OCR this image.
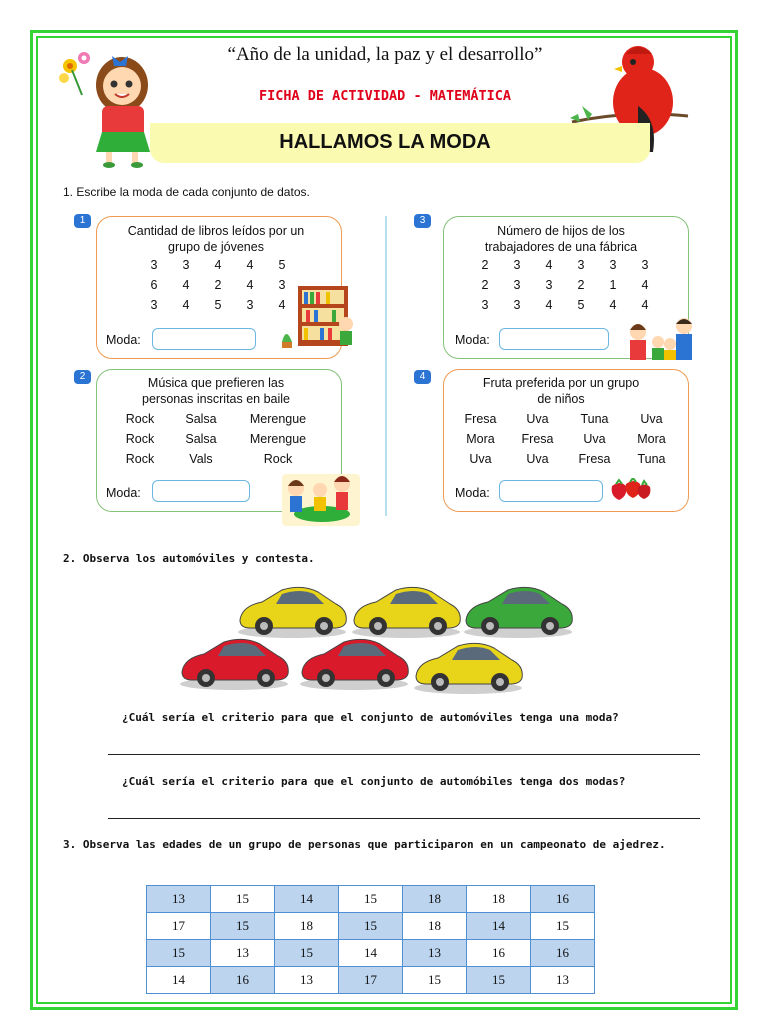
“Año de la unidad, la paz y el desarrollo”
FICHA DE ACTIVIDAD - MATEMÁTICA
HALLAMOS LA MODA
1. Escribe la moda de cada conjunto de datos.
1
Cantidad de libros leídos por un
grupo de jóvenes
3	3	4	4	5
6	4	2	4	3
3	4	5	3	4
Moda:
3
Número de hijos de los
trabajadores de una fábrica
2	3	4	3	3	3
2	3	3	2	1	4
3	3	4	5	4	4
Moda:
2	Música que prefieren las
personas inscritas en baile
Rock	Salsa	Merengue
Rock	Salsa	Merengue
Rock	Vals	Rock
Moda:
4	Fruta preferida por un grupo
de niños
Fresa	Uva	Tuna	Uva
Mora	Fresa	Uva	Mora
Uva	Uva	Fresa	Tuna
Moda:
2. Observa los automóviles y contesta.
¿Cuál sería el criterio para que el conjunto de automóviles tenga una moda?
¿Cuál sería el criterio para que el conjunto de automóbiles tenga dos modas?
3. Observa las edades de un grupo de personas que participaron en un campeonato de ajedrez.
13	15	14	15	18	18	16
17	15	18	15	18	14	15
15	13	15	14	13	16	16
14	16	13	17	15	15	13
